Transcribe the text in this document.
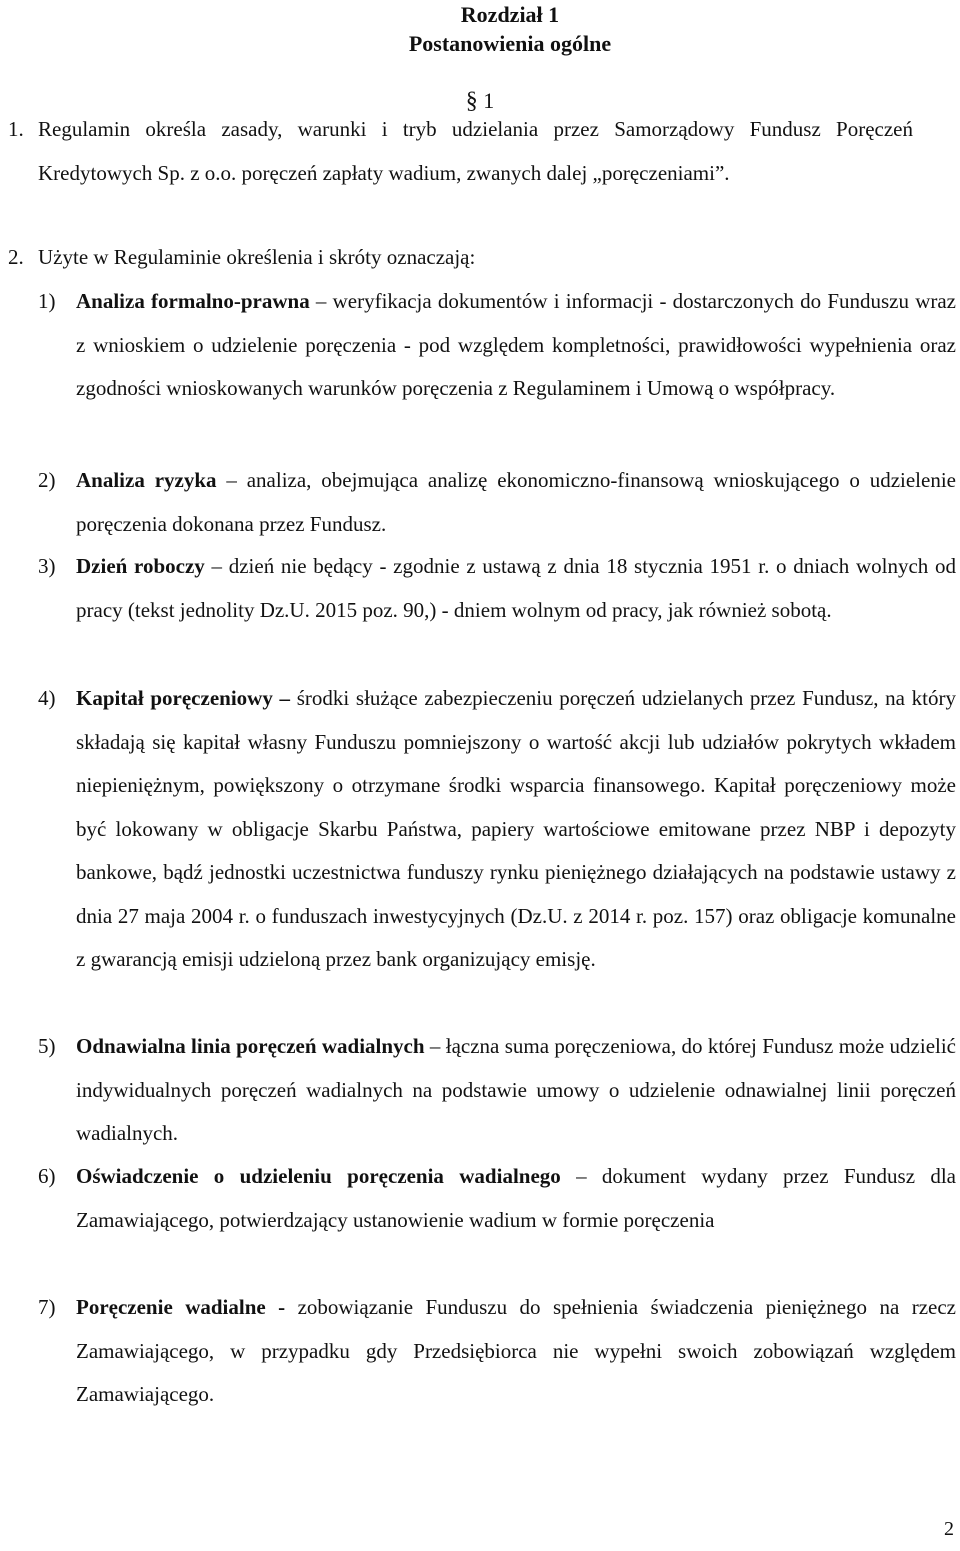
Rozdział 1
Postanowienia ogólne
§ 1
1. Regulamin określa zasady, warunki i tryb udzielania przez Samorządowy Fundusz Poręczeń Kredytowych Sp. z o.o. poręczeń zapłaty wadium, zwanych dalej „poręczeniami”.
2. Użyte w Regulaminie określenia i skróty oznaczają:
1) Analiza formalno-prawna – weryfikacja dokumentów i informacji - dostarczonych do Funduszu wraz z wnioskiem o udzielenie poręczenia - pod względem kompletności, prawidłowości wypełnienia oraz zgodności wnioskowanych warunków poręczenia z Regulaminem i Umową o współpracy.
2) Analiza ryzyka – analiza, obejmująca analizę ekonomiczno-finansową wnioskującego o udzielenie poręczenia dokonana przez Fundusz.
3) Dzień roboczy – dzień nie będący - zgodnie z ustawą z dnia 18 stycznia 1951 r. o dniach wolnych od pracy (tekst jednolity Dz.U. 2015 poz. 90,) - dniem wolnym od pracy, jak również sobotą.
4) Kapitał poręczeniowy – środki służące zabezpieczeniu poręczeń udzielanych przez Fundusz, na który składają się kapitał własny Funduszu pomniejszony o wartość akcji lub udziałów pokrytych wkładem niepieniężnym, powiększony o otrzymane środki wsparcia finansowego. Kapitał poręczeniowy może być lokowany w obligacje Skarbu Państwa, papiery wartościowe emitowane przez NBP i depozyty bankowe, bądź jednostki uczestnictwa funduszy rynku pieniężnego działających na podstawie ustawy z dnia 27 maja 2004 r. o funduszach inwestycyjnych (Dz.U. z 2014 r. poz. 157) oraz obligacje komunalne z gwarancją emisji udzieloną przez bank organizujący emisję.
5) Odnawialna linia poręczeń wadialnych – łączna suma poręczeniowa, do której Fundusz może udzielić indywidualnych poręczeń wadialnych na podstawie umowy o udzielenie odnawialnej linii poręczeń wadialnych.
6) Oświadczenie o udzieleniu poręczenia wadialnego – dokument wydany przez Fundusz dla Zamawiającego, potwierdzający ustanowienie wadium w formie poręczenia
7) Poręczenie wadialne - zobowiązanie Funduszu do spełnienia świadczenia pieniężnego na rzecz Zamawiającego, w przypadku gdy Przedsiębiorca nie wypełni swoich zobowiązań względem Zamawiającego.
2
